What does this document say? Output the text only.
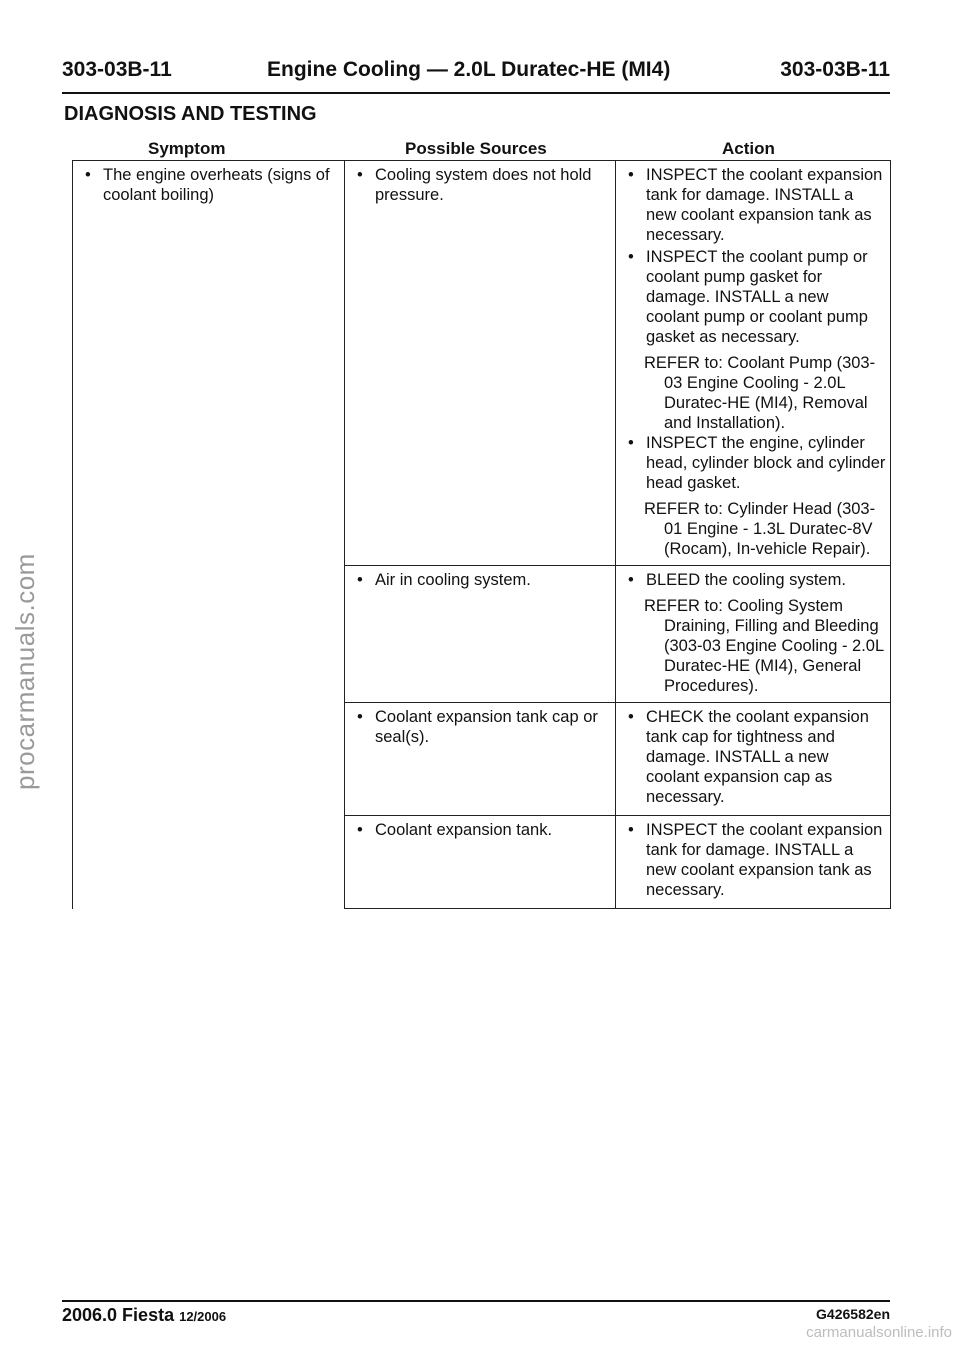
303-03B-11	Engine Cooling — 2.0L Duratec-HE (MI4)	303-03B-11
DIAGNOSIS AND TESTING
Symptom	Possible Sources	Action
• The engine overheats (signs of coolant boiling)	• Cooling system does not hold pressure.	• INSPECT the coolant expansion tank for damage. INSTALL a new coolant expansion tank as necessary.
• INSPECT the coolant pump or coolant pump gasket for damage. INSTALL a new coolant pump or coolant pump gasket as necessary.
REFER to: Coolant Pump (303-03 Engine Cooling - 2.0L Duratec-HE (MI4), Removal and Installation).
• INSPECT the engine, cylinder head, cylinder block and cylinder head gasket.
REFER to: Cylinder Head (303-01 Engine - 1.3L Duratec-8V (Rocam), In-vehicle Repair).

	• Air in cooling system.	• BLEED the cooling system.
REFER to: Cooling System Draining, Filling and Bleeding (303-03 Engine Cooling - 2.0L Duratec-HE (MI4), General Procedures).

	• Coolant expansion tank cap or seal(s).	• CHECK the coolant expansion tank cap for tightness and damage. INSTALL a new coolant expansion cap as necessary.

	• Coolant expansion tank.	• INSPECT the coolant expansion tank for damage. INSTALL a new coolant expansion tank as necessary.
2006.0 Fiesta 12/2006	G426582en
procarmanuals.com
carmanualsonline.info
